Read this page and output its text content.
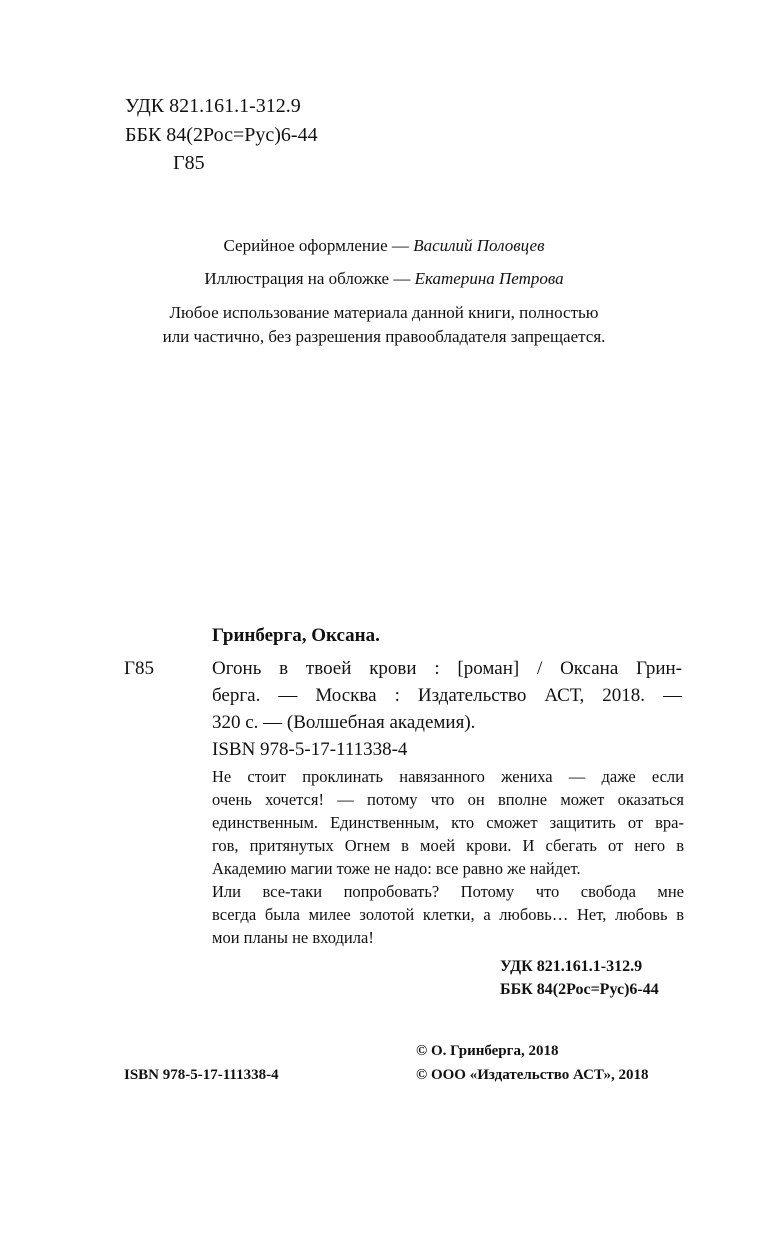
УДК 821.161.1-312.9
ББК 84(2Рос=Рус)6-44
Г85
Серийное оформление — Василий Половцев
Иллюстрация на обложке — Екатерина Петрова
Любое использование материала данной книги, полностью
или частично, без разрешения правообладателя запрещается.
Гринберга, Оксана.
Г85	Огонь в твоей крови : [роман] / Оксана Грин-
берга. — Москва : Издательство АСТ, 2018. —
320 с. — (Волшебная академия).
ISBN 978-5-17-111338-4
Не стоит проклинать навязанного жениха — даже если
очень хочется! — потому что он вполне может оказаться
единственным. Единственным, кто сможет защитить от вра-
гов, притянутых Огнем в моей крови. И сбегать от него в
Академию магии тоже не надо: все равно же найдет.
Или все-таки попробовать? Потому что свобода мне
всегда была милее золотой клетки, а любовь… Нет, любовь в
мои планы не входила!
УДК 821.161.1-312.9
ББК 84(2Рос=Рус)6-44
© О. Гринберга, 2018
ISBN 978-5-17-111338-4	© ООО «Издательство АСТ», 2018
